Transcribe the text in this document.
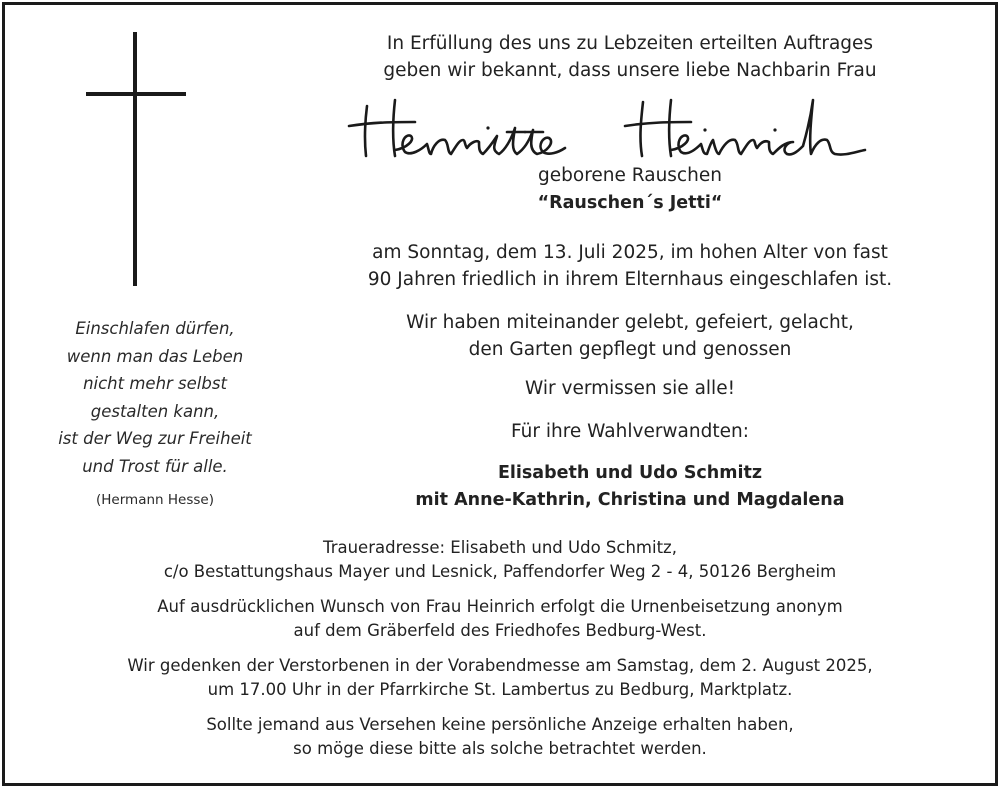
In Erfüllung des uns zu Lebzeiten erteilten Auftrages
geben wir bekannt, dass unsere liebe Nachbarin Frau
geborene Rauschen
“Rauschen´s Jetti“
am Sonntag, dem 13. Juli 2025, im hohen Alter von fast
90 Jahren friedlich in ihrem Elternhaus eingeschlafen ist.
Wir haben miteinander gelebt, gefeiert, gelacht,
den Garten gepflegt und genossen
Wir vermissen sie alle!
Für ihre Wahlverwandten:
Elisabeth und Udo Schmitz
mit Anne-Kathrin, Christina und Magdalena
Einschlafen dürfen,
wenn man das Leben
nicht mehr selbst
gestalten kann,
ist der Weg zur Freiheit
und Trost für alle.
(Hermann Hesse)
Traueradresse: Elisabeth und Udo Schmitz,
c/o Bestattungshaus Mayer und Lesnick, Paffendorfer Weg 2 - 4, 50126 Bergheim
Auf ausdrücklichen Wunsch von Frau Heinrich erfolgt die Urnenbeisetzung anonym
auf dem Gräberfeld des Friedhofes Bedburg-West.
Wir gedenken der Verstorbenen in der Vorabendmesse am Samstag, dem 2. August 2025,
um 17.00 Uhr in der Pfarrkirche St. Lambertus zu Bedburg, Marktplatz.
Sollte jemand aus Versehen keine persönliche Anzeige erhalten haben,
so möge diese bitte als solche betrachtet werden.
